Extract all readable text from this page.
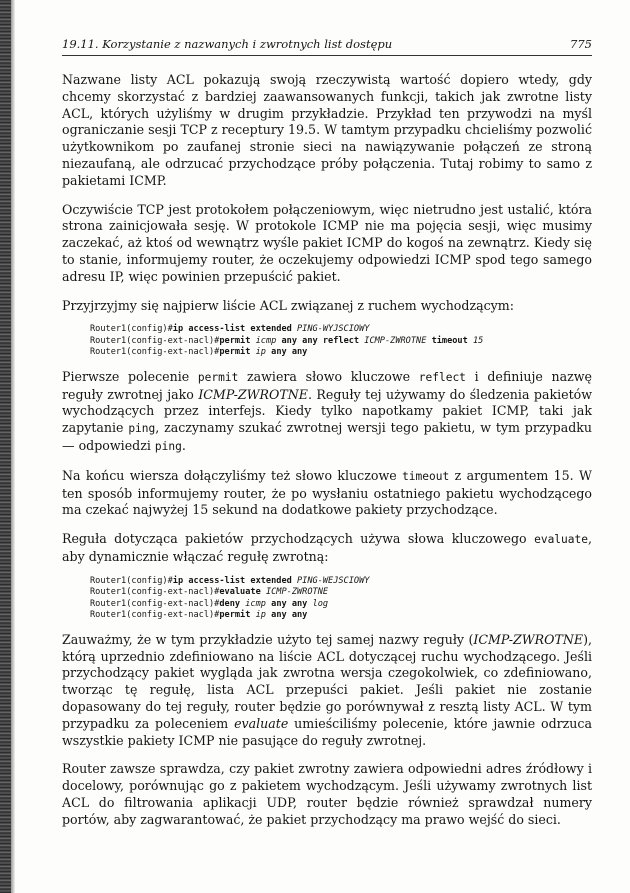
19.11. Korzystanie z nazwanych i zwrotnych list dostępu	775

Nazwane listy ACL pokazują swoją rzeczywistą wartość dopiero wtedy, gdy chcemy skorzystać z bardziej zaawansowanych funkcji, takich jak zwrotne listy ACL, których użyliśmy w drugim przykładzie. Przykład ten przywodzi na myśl ograniczanie sesji TCP z receptury 19.5. W tamtym przypadku chcieliśmy pozwolić użytkownikom po zaufanej stronie sieci na nawiązywanie połączeń ze stroną niezaufaną, ale odrzucać przychodzące próby połączenia. Tutaj robimy to samo z pakietami ICMP.

Oczywiście TCP jest protokołem połączeniowym, więc nietrudno jest ustalić, która strona zainicjowała sesję. W protokole ICMP nie ma pojęcia sesji, więc musimy zaczekać, aż ktoś od wewnątrz wyśle pakiet ICMP do kogoś na zewnątrz. Kiedy się to stanie, informujemy router, że oczekujemy odpowiedzi ICMP spod tego samego adresu IP, więc powinien przepuścić pakiet.

Przyjrzyjmy się najpierw liście ACL związanej z ruchem wychodzącym:

Router1(config)#ip access-list extended PING-WYJSCIOWY
Router1(config-ext-nacl)#permit icmp any any reflect ICMP-ZWROTNE timeout 15
Router1(config-ext-nacl)#permit ip any any

Pierwsze polecenie permit zawiera słowo kluczowe reflect i definiuje nazwę reguły zwrotnej jako ICMP-ZWROTNE. Reguły tej używamy do śledzenia pakietów wychodzących przez interfejs. Kiedy tylko napotkamy pakiet ICMP, taki jak zapytanie ping, zaczynamy szukać zwrotnej wersji tego pakietu, w tym przypadku — odpowiedzi ping.

Na końcu wiersza dołączyliśmy też słowo kluczowe timeout z argumentem 15. W ten sposób informujemy router, że po wysłaniu ostatniego pakietu wychodzącego ma czekać najwyżej 15 sekund na dodatkowe pakiety przychodzące.

Reguła dotycząca pakietów przychodzących używa słowa kluczowego evaluate, aby dynamicznie włączać regułę zwrotną:

Router1(config)#ip access-list extended PING-WEJSCIOWY
Router1(config-ext-nacl)#evaluate ICMP-ZWROTNE
Router1(config-ext-nacl)#deny icmp any any log
Router1(config-ext-nacl)#permit ip any any

Zauważmy, że w tym przykładzie użyto tej samej nazwy reguły (ICMP-ZWROTNE), którą uprzednio zdefiniowano na liście ACL dotyczącej ruchu wychodzącego. Jeśli przychodzący pakiet wygląda jak zwrotna wersja czegokolwiek, co zdefiniowano, tworząc tę regułę, lista ACL przepuści pakiet. Jeśli pakiet nie zostanie dopasowany do tej reguły, router będzie go porównywał z resztą listy ACL. W tym przypadku za poleceniem evaluate umieściliśmy polecenie, które jawnie odrzuca wszystkie pakiety ICMP nie pasujące do reguły zwrotnej.

Router zawsze sprawdza, czy pakiet zwrotny zawiera odpowiedni adres źródłowy i docelowy, porównując go z pakietem wychodzącym. Jeśli używamy zwrotnych list ACL do filtrowania aplikacji UDP, router będzie również sprawdzał numery portów, aby zagwarantować, że pakiet przychodzący ma prawo wejść do sieci.
